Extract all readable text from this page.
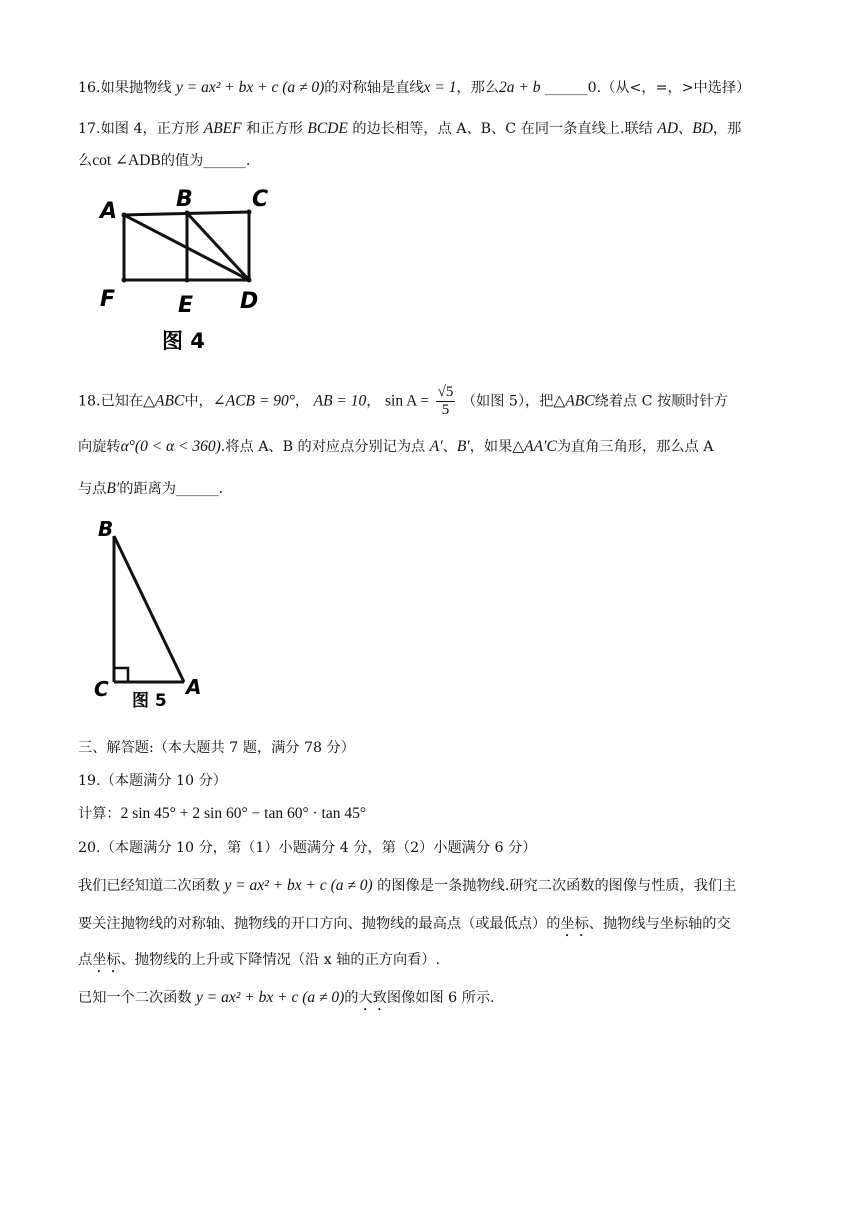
16.如果抛物线 y = ax² + bx + c (a ≠ 0)的对称轴是直线x = 1，那么2a + b ______0.（从<，=，>中选择）
17.如图 4，正方形 ABEF 和正方形 BCDE 的边长相等，点 A、B、C 在同一条直线上.联结 AD、BD，那
么cot ∠ADB的值为______.
A	B	C
F	E D
图 4
18.已知在△ABC中，∠ACB = 90°， AB = 10， $\sin A = \frac{√5}{5}$ （如图 5），把△ABC绕着点 C 按顺时针方
向旋转α°(0 < α < 360).将点 A、B 的对应点分别记为点 A′、B′，如果△AA′C为直角三角形，那么点 A
与点B′的距离为______.
B
C	A
图 5
三、解答题:（本大题共 7 题，满分 78 分）
19.（本题满分 10 分）
计算：2 sin 45° + 2 sin 60° − tan 60° · tan 45°
20.（本题满分 10 分，第（1）小题满分 4 分，第（2）小题满分 6 分）
我们已经知道二次函数 y = ax² + bx + c (a ≠ 0) 的图像是一条抛物线.研究二次函数的图像与性质，我们主
要关注抛物线的对称轴、抛物线的开口方向、抛物线的最高点（或最低点）的坐标、抛物线与坐标轴的交
点坐标、抛物线的上升或下降情况（沿 x 轴的正方向看）.
已知一个二次函数 y = ax² + bx + c (a ≠ 0)的大致图像如图 6 所示.
